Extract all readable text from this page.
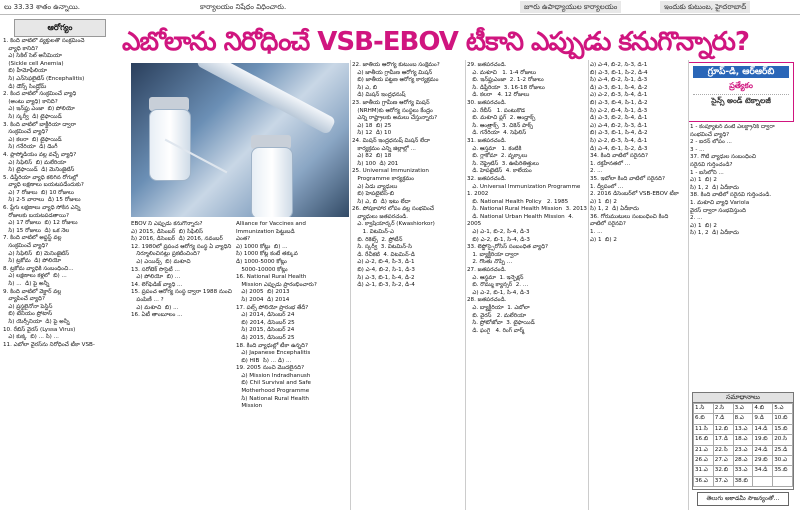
లు 33.33 శాతం ఉన్నాయి.	కార్యాలయం నిషేధం విధించారు.	జూరు ఉపాధ్యాయుల కార్యాలయం	ఇందుకు కుటుంబ, హైదరాబాద్
ఆరోగ్యం	ఎబోలాను నిరోధించే VSB-EBOV టీకాని ఎప్పుడు కనుగొన్నారు?

1. కింది వాటిలో వ్యక్తులతో సంక్రమించే
వ్యాధి కానిది?
ఎ) సికిల్ సెల్ అనీమియా
(Sickle cell Anemia)
బి) హీమోఫీలియా
సి) ఎన్‌సెఫలైటిస్ (Encephalitis)
డి) డౌన్స్ సిండ్రోమ్
2. కింద వాటిలో సంక్రమించే వ్యాధి
(అంటు వ్యాధి) కానిది?
ఎ) ఇన్‌ఫ్లు ఎంజా  బి) పోలియో
సి) స్కర్వీ  డి) టైఫాయిడ్
3. కింది వాటిలో బాక్టీరియా ద్వారా
సంక్రమించే వ్యాధి?
ఎ) కలరా  బి) టైఫాయిడ్
సి) గనేరియా  డి) డెంగీ
4. ప్లాస్మోడియం వల్ల వచ్చే వ్యాధి?
ఎ) సిఫిలిస్  బి) మలేరియా
సి) టైఫాయిడ్  డి) మెనింజైటిస్
5. డిఫ్తీరియా వ్యాధి కలిగిన రోగుల్లో
వ్యాధి లక్షణాలు బయటపడేందుకు?
ఎ) 7 రోజులు  బి) 10 రోజులు
సి) 2-5 వారాలు  డి) 15 రోజులు
6. ప్లేగు లక్షణాలు వ్యాధి సోకిన ఎన్ని
రోజులకు బయటపడతాయి?
ఎ) 17 రోజులు  బి) 12 రోజులు
సి) 15 రోజులు  డి) ఒక నెల
7. కింది వాటిలో అప్టస్ట్ వల్ల
సంక్రమించే వ్యాధి?
ఎ) సిఫిలిస్  బి) మెనింజైటిస్
సి) ట్రకోమ  డి) పోలియో
8. ట్రకోమ వ్యాధికి సంబంధించి...
ఎ) లక్షణాలు కళ్లలో  బి) ...
సి) ...  డి) పై అన్నీ
9. కింది వాటిలో వెక్టార్ వల్ల
వ్యాపించే వ్యాధి?
ఎ) ప్రస్థలైనోనా పెస్టిస్
బి) టేనియం ప్రోటాస్
సి) యెర్సీనియా  డి) పై అన్నీ
10. రేబిస్ వైరస్ (Lyssa Virus)
ఎ) కుక్క  బి) ... సి) ...
11. ఎబోలా వైరస్‌ను నిరోధించే టీకా VSB-

EBOV ని ఎప్పుడు కనుగొన్నారు?
ఎ) 2015, డిసెంబర్  బి) సిఫిలిస్
సి) 2016, డిసెంబర్  డి) 2016, నవంబర్
12. 1980లో ప్రపంచ ఆరోగ్య సంస్థ ఏ వ్యాధిని
నిర్మూలించినట్లు ప్రకటించింది?
ఎ) ఎయిడ్స్  బి) మశూచి
13. సరోటెక్ సొసైటీ ...
ఎ) పోలియో  బి) ...
14. లెగ్‌ఫెడిజ్ వ్యాధి ...
15. ప్రపంచ ఆరోగ్య సంస్థ ద్వారా 1988 నుంచి
పంపిణీ ... ?
ఎ) మశూచి  బి) ...
16. ఏటీ తాంబూలం ...

Alliance for Vaccines and
Immunization పెట్టుబడి
ఎంత?
ఎ) 1000 కోట్లు  బి) ...
సి) 1000 కోట్ల కంటే తక్కువ
డి) 1000-5000 కోట్లు
5000-10000 కోట్లు
16. National Rural Health
Mission ఎప్పుడు ప్రారంభించారు?
ఎ) 2005  బి) 2013
సి) 2004  డి) 2014
17. పల్స్ పోలియో ప్రారంభ తేదీ?
ఎ) 2014, డిసెంబర్ 24
బి) 2014, డిసెంబర్ 25
సి) 2015, డిసెంబర్ 24
డి) 2015, డిసెంబర్ 25
18. కింది వ్యాధుల్లో టీకా ఉన్నది?
ఎ) Japanese Encephalitis
బి) HIB  సి) ... డి) ...
19. 2005 నుంచి మొదలైనది?
ఎ) Mission Indradhanush
బి) Chil Survival and Safe
Motherhood Programme
సి) National Rural Health
Mission

22. జాతీయ ఆరోగ్య కుటుంబ సంక్షేమం?
ఎ) జాతీయ గ్రామీణ ఆరోగ్య మిషన్
బి) జాతీయ పట్టణ ఆరోగ్య కార్యక్రమం
సి) ఎ, బి
డి) మిషన్ ఇంద్రధనుష్
23. జాతీయ గ్రామీణ ఆరోగ్య మిషన్
(NRHM)కు ఆరోగ్య సంస్థలు కేంద్రం
ఎన్ని రాష్ట్రాలకు అమలు చేస్తున్నారు?
ఎ) 18  బి) 25
సి) 12  డి) 10
24. మిషన్ ఇంద్రధనుష్ మిషన్ లేదా
కార్యక్రమం ఎన్ని జిల్లాల్లో ...
ఎ) 82  బి) 18
సి) 100  డి) 201
25. Universal Immunization
Programme కార్యక్రమం
ఎ) ఏడు వ్యాధులు
బి) హెపటైటిస్-బి
సి) ఎ, బి  డి) ఇటు లేదా
26. పోషకాహార లోపం వల్ల సంభవించే
వ్యాధులు జతపరచండి.
ఎ. క్వాషియార్కర్ (Kwashiorkor)
1. విటమిన్-ఎ
బి. రికెట్స్  2. ప్రోటీన్
సి. స్కర్వీ  3. విటమిన్-సి
డి. రేచీకటి  4. విటమిన్-డి
ఎ) ఎ-2, బి-4, సి-3, డి-1
బి) ఎ-4, బి-2, సి-1, డి-3
సి) ఎ-3, బి-1, సి-4, డి-2
డి) ఎ-1, బి-3, సి-2, డి-4

29. జతపరచండి.
ఎ. మశూచి   1. 1-4 రోజులు
బి. ఇన్‌ఫ్లుఎంజా  2. 1-2 రోజులు
సి. డిఫ్తీరియా  3. 16-18 రోజులు
డి. కలరా   4. 12 రోజులు
30. జతపరచండి.
ఎ. రేబీస్   1. పంటుకొడ
బి. మశూచి ప్లగ్  2. ఆంధ్రాక్స్
సి. ఆంత్రాక్స్  3. చికెన్ పాక్స్
డి. గనేరియా  4. సెఫిలిస్
31. జతపరచండి.
ఎ. ఆస్తమా   1. కంటికి
బి. గ్లాకోమా  2. వృక్కాలు
సి. నెఫ్రైటిస్  3. ఊపిరితిత్తులు
డి. హెపటైటిస్  4. కాలేయం
32. జతపరచండి.
ఎ. Universal Immunization Programme  1. 2002
బి. National Health Policy   2. 1985
సి. National Rural Health Mission  3. 2013
డి. National Urban Health Mission  4. 2005
ఎ) ఎ-1, బి-2, సి-4, డి-3
బి) ఎ-2, బి-1, సి-4, డి-3
33. లెప్టోస్పైరోసిస్ సంబంధిత వ్యాధి?
1. బ్యాక్టీరియా ద్వారా
2. గొంతు నొప్పి ...
27. జతపరచండి.
ఎ. ఆస్థమా  1. ఇన్ఫెక్షన్
బి. రొమ్ము క్యాన్సర్  2. ...
ఎ) ఎ-2, బి-1, సి-4, డి-3
28. జతపరచండి.
ఎ. బ్యాక్టీరియా  1. ఎబోలా
బి. వైరస్   2. మలేరియా
సి. ప్రోటోజోవా  3. టైఫాయిడ్
డి. ఫంగై   4. రింగ్ వార్మ్

ఎ) ఎ-4, బి-2, సి-3, డి-1
బి) ఎ-3, బి-1, సి-2, డి-4
సి) ఎ-4, బి-2, సి-1, డి-3
డి) ఎ-3, బి-1, సి-4, డి-2
ఎ) ఎ-2, బి-3, సి-4, డి-1
బి) ఎ-3, బి-4, సి-1, డి-2
సి) ఎ-2, బి-4, సి-1, డి-3
డి) ఎ-3, బి-2, సి-4, డి-1
ఎ) ఎ-4, బి-2, సి-3, డి-1
బి) ఎ-3, బి-1, సి-4, డి-2
సి) ఎ-2, బి-3, సి-4, డి-1
డి) ఎ-4, బి-1, సి-2, డి-3
34. కింది వాటిలో సరైనది?
1. రక్తహీనతలో ...
2. ...
35. ఇబోలా కింది వాటిలో సరైనది?
1. ద్వీపంలో ...
2. 2016 డిసెంబర్‌లో VSB-EBOV టీకా
ఎ) 1  బి) 2
సి) 1, 2  డి) ఏదీకాదు
36. గోరుముటులు సంబంధించి కింది
వాటిలో సరైనవి?
1. ...
ఎ) 1  బి) 2

గ్రూప్-డి, ఆర్ఆర్‌బి
ప్రత్యేకం
సైన్స్ అండ్ టెక్నాలజీ

1 - కంప్యూటర్ వంటి ఎలక్ట్రానిక్ ద్వారా
సంభవించే వ్యాధి?
2 - ఐరన్ లోపం ...
3 - ...
37. గౌటి వ్యాధుల సంబంధించి
సరైనవి గుర్తించండి?
1 - ఐసిలోని ...
ఎ) 1  బి) 2
సి) 1, 2  డి) ఏదీకాదు
38. కింది వాటిలో సరైనవి గుర్తించండి.
1. మశూచి వ్యాధి Variola
వైరస్ ద్వారా సంభవిస్తుంది
2. ...
ఎ) 1  బి) 2
సి) 1, 2  డి) ఏదీకాదు

సమాధానాలు
1.సి	2.సి	3.ఎ	4.బి	5.ఎ
6.బి	7.డి	8.ఎ	9.డి	10.బి
11.సి	12.బి	13.ఎ	14.డి	15.బి
16.బి	17.డి	18.ఎ	19.బి	20.సి
21.ఎ	22.సి	23.ఎ	24.డి	25.డి
26.ఎ	27.ఎ	28.ఎ	29.బి	30.ఎ
31.ఎ	32.బి	33.ఎ	34.డి	35.బి
36.ఎ	37.ఎ	38.బి		
తెలుగు అకాడమీ సౌజన్యంతో...
